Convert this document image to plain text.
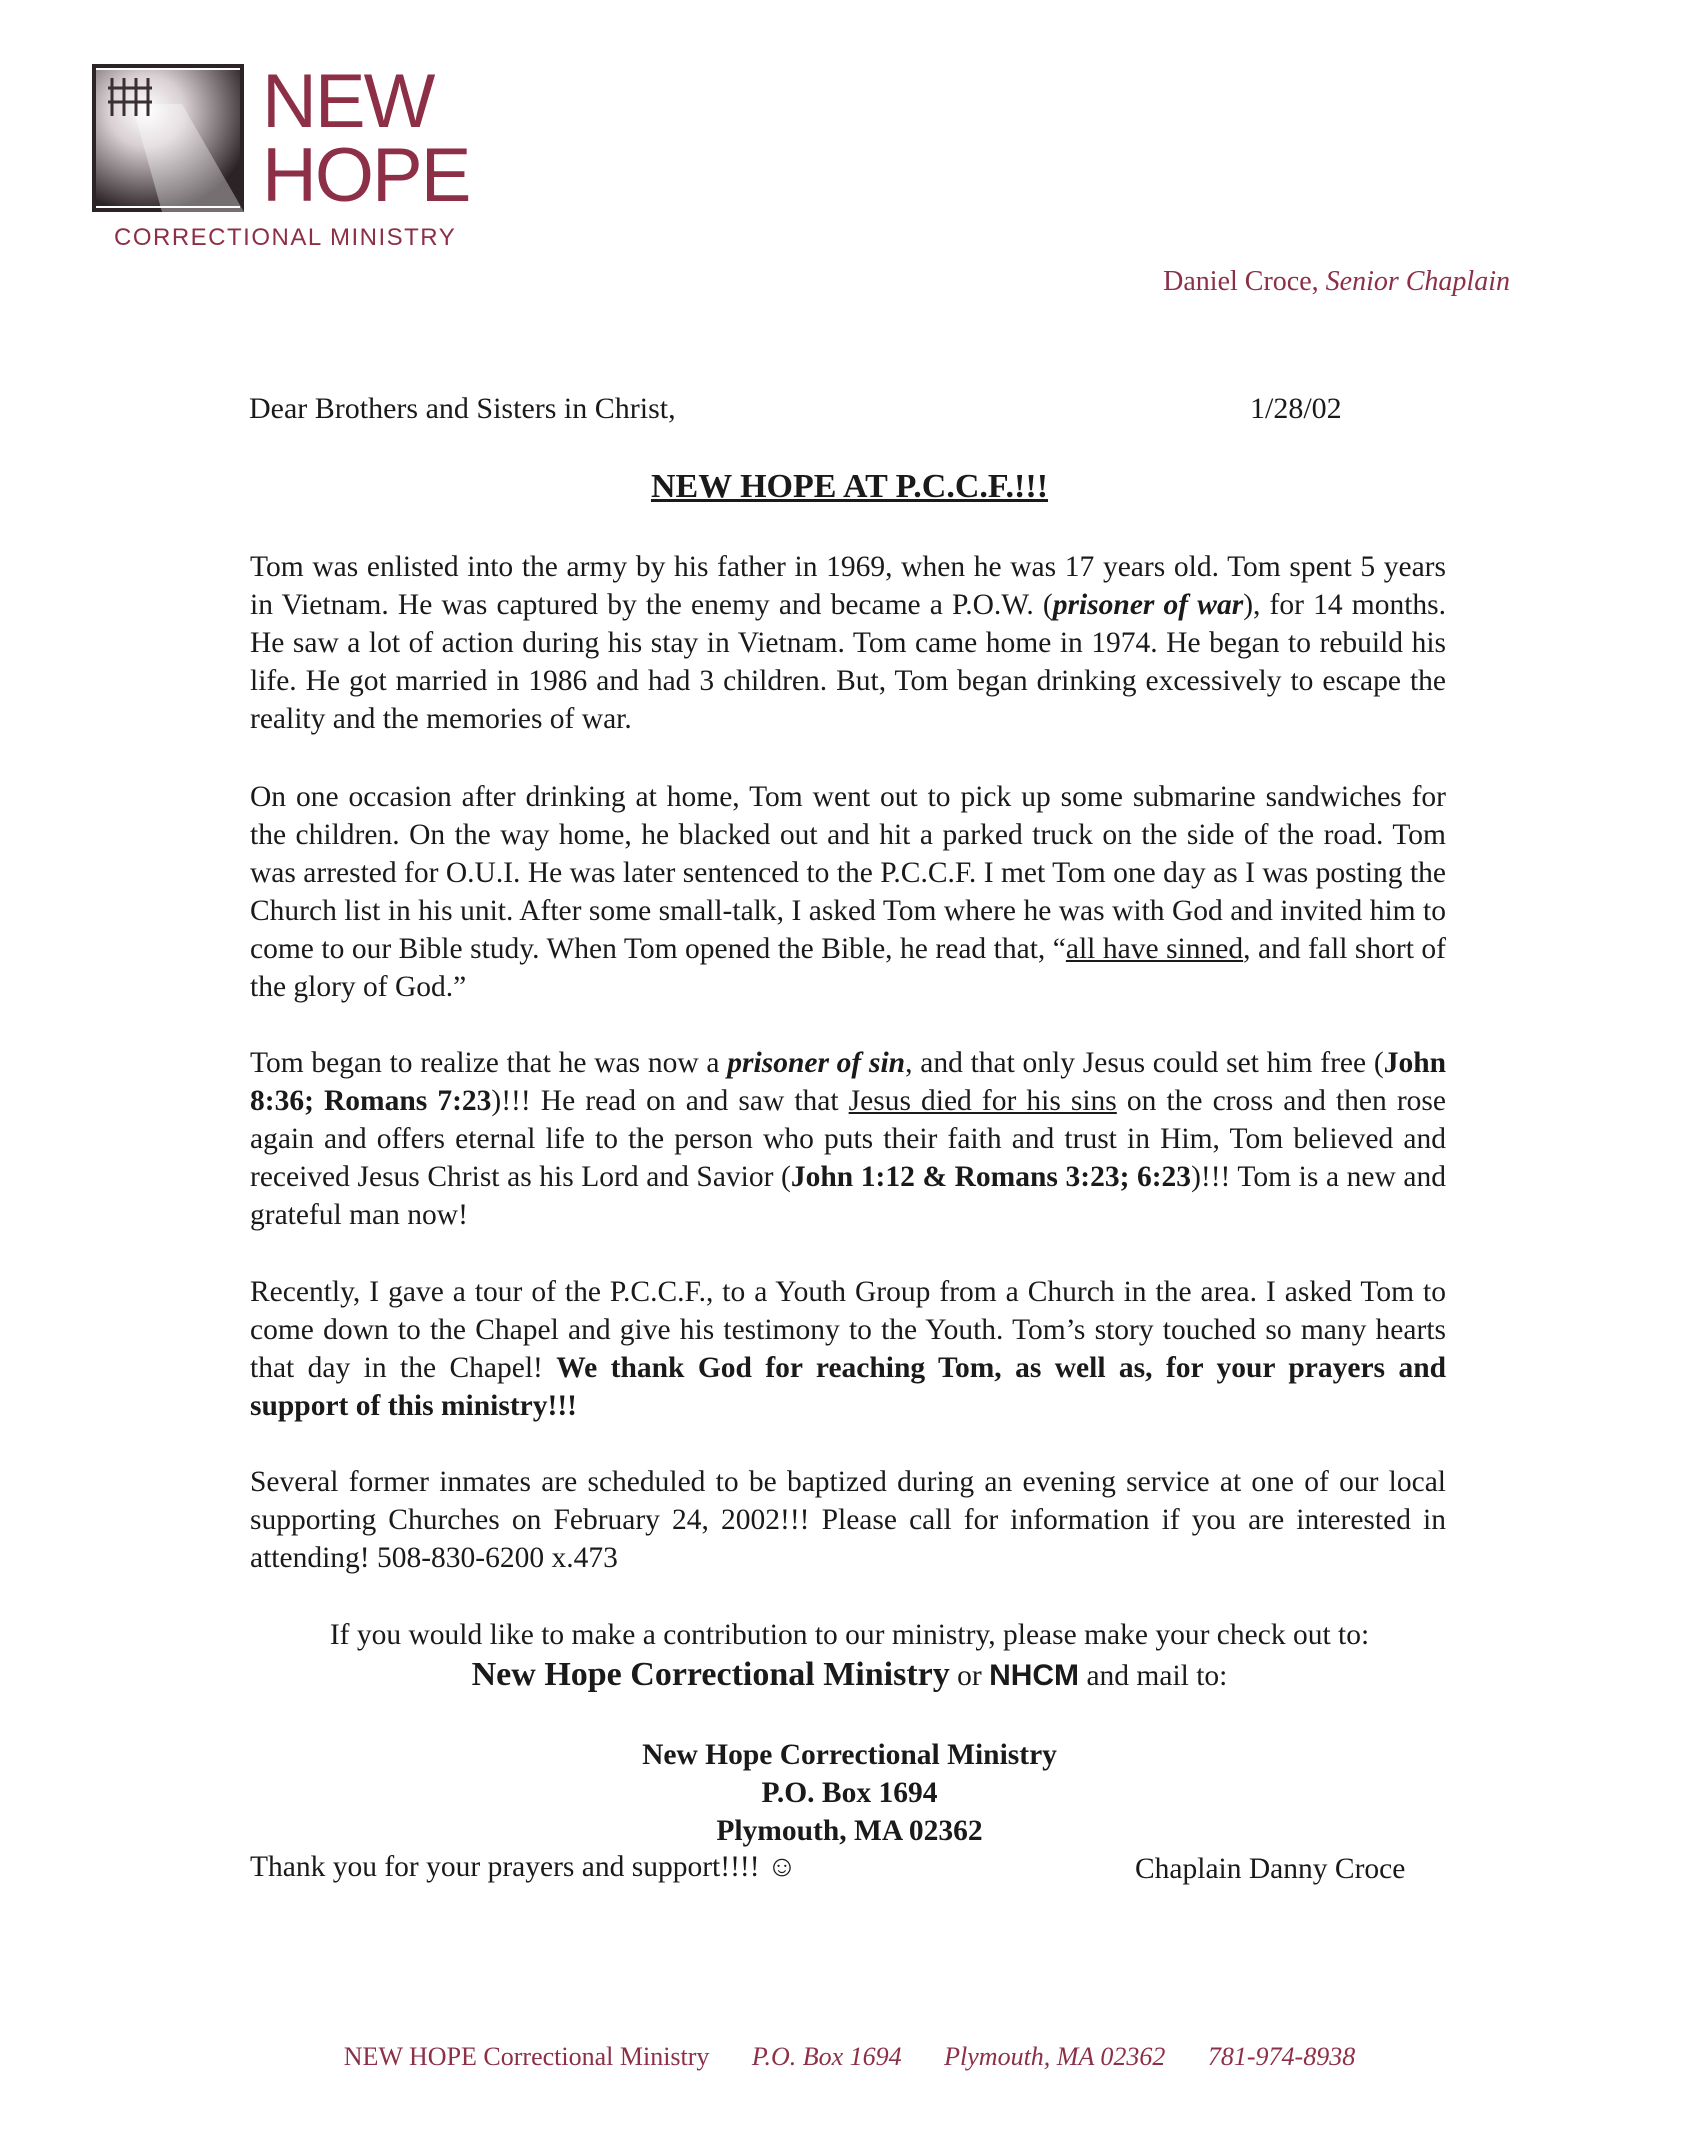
NEW
HOPE
CORRECTIONAL MINISTRY
Daniel Croce, Senior Chaplain
Dear Brothers and Sisters in Christ,	1/28/02
NEW HOPE AT P.C.C.F.!!!
Tom was enlisted into the army by his father in 1969, when he was 17 years old. Tom spent 5 years in Vietnam. He was captured by the enemy and became a P.O.W. (prisoner of war), for 14 months. He saw a lot of action during his stay in Vietnam. Tom came home in 1974. He began to rebuild his life. He got married in 1986 and had 3 children. But, Tom began drinking excessively to escape the reality and the memories of war.
On one occasion after drinking at home, Tom went out to pick up some submarine sandwiches for the children. On the way home, he blacked out and hit a parked truck on the side of the road. Tom was arrested for O.U.I. He was later sentenced to the P.C.C.F. I met Tom one day as I was posting the Church list in his unit. After some small-talk, I asked Tom where he was with God and invited him to come to our Bible study. When Tom opened the Bible, he read that, “all have sinned, and fall short of the glory of God.”
Tom began to realize that he was now a prisoner of sin, and that only Jesus could set him free (John 8:36; Romans 7:23)!!! He read on and saw that Jesus died for his sins on the cross and then rose again and offers eternal life to the person who puts their faith and trust in Him, Tom believed and received Jesus Christ as his Lord and Savior (John 1:12 & Romans 3:23; 6:23)!!! Tom is a new and grateful man now!
Recently, I gave a tour of the P.C.C.F., to a Youth Group from a Church in the area. I asked Tom to come down to the Chapel and give his testimony to the Youth. Tom’s story touched so many hearts that day in the Chapel! We thank God for reaching Tom, as well as, for your prayers and support of this ministry!!!
Several former inmates are scheduled to be baptized during an evening service at one of our local supporting Churches on February 24, 2002!!! Please call for information if you are interested in attending! 508-830-6200 x.473
If you would like to make a contribution to our ministry, please make your check out to:
New Hope Correctional Ministry or NHCM and mail to:
New Hope Correctional Ministry
P.O. Box 1694
Plymouth, MA 02362
Thank you for your prayers and support!!!! ☺	Chaplain Danny Croce
NEW HOPE Correctional Ministry P.O. Box 1694 Plymouth, MA 02362 781-974-8938
